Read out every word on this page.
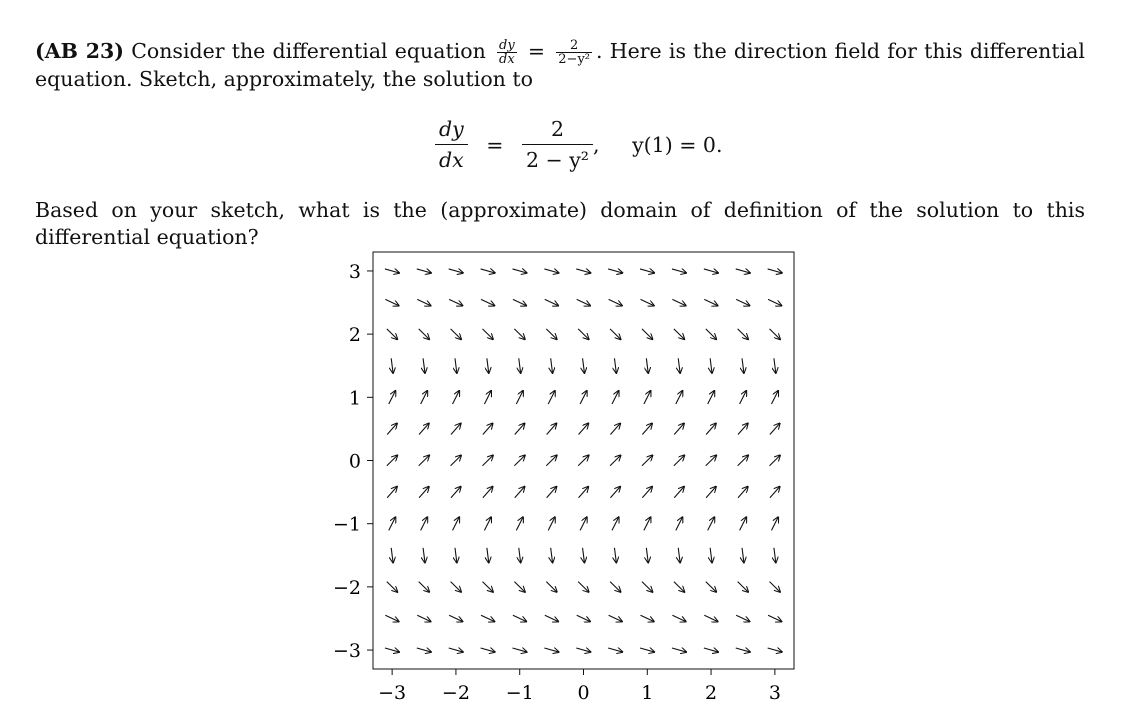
(AB 23) Consider the differential equation $\frac{dy}{dx} = \frac{2}{\text{2−y²}}$ . Here is the direction field for this differential equation. Sketch, approximately, the solution to
$\frac{dy}{dx} = \frac{2}{\text{2 − y²}}$ , y(1) = 0.
Based on your sketch, what is the (approximate) domain of definition of the solution to this differential equation?
−3
−2
−1
0
1
2
3
−3 −2 −1 0	1	2	3
